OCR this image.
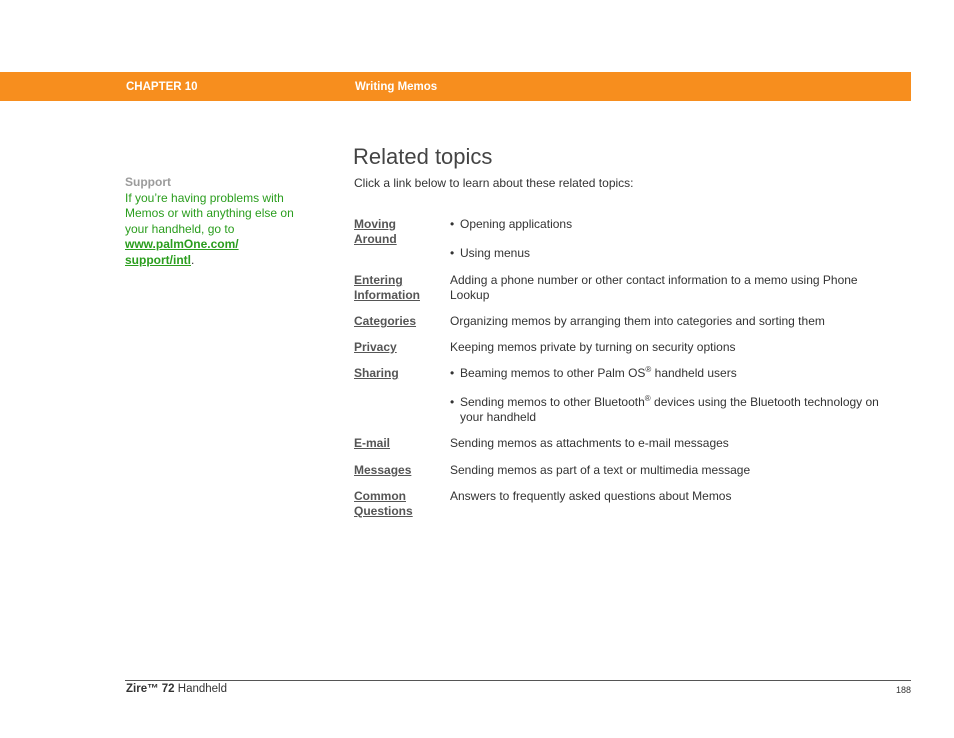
CHAPTER 10	Writing Memos
Support
If you’re having problems with Memos or with anything else on your handheld, go to
www.palmOne.com/
support/intl.
Related topics
Click a link below to learn about these related topics:
Moving
Around
• Opening applications
• Using menus
Entering
Information
Adding a phone number or other contact information to a memo using Phone Lookup
Categories	Organizing memos by arranging them into categories and sorting them
Privacy	Keeping memos private by turning on security options
Sharing
•	Beaming memos to other Palm OS® handheld users
• Sending memos to other Bluetooth® devices using the Bluetooth technology on your handheld
E-mail	Sending memos as attachments to e-mail messages
Messages	Sending memos as part of a text or multimedia message
Common
Questions
Answers to frequently asked questions about Memos
Zire™ 72 Handheld	188
